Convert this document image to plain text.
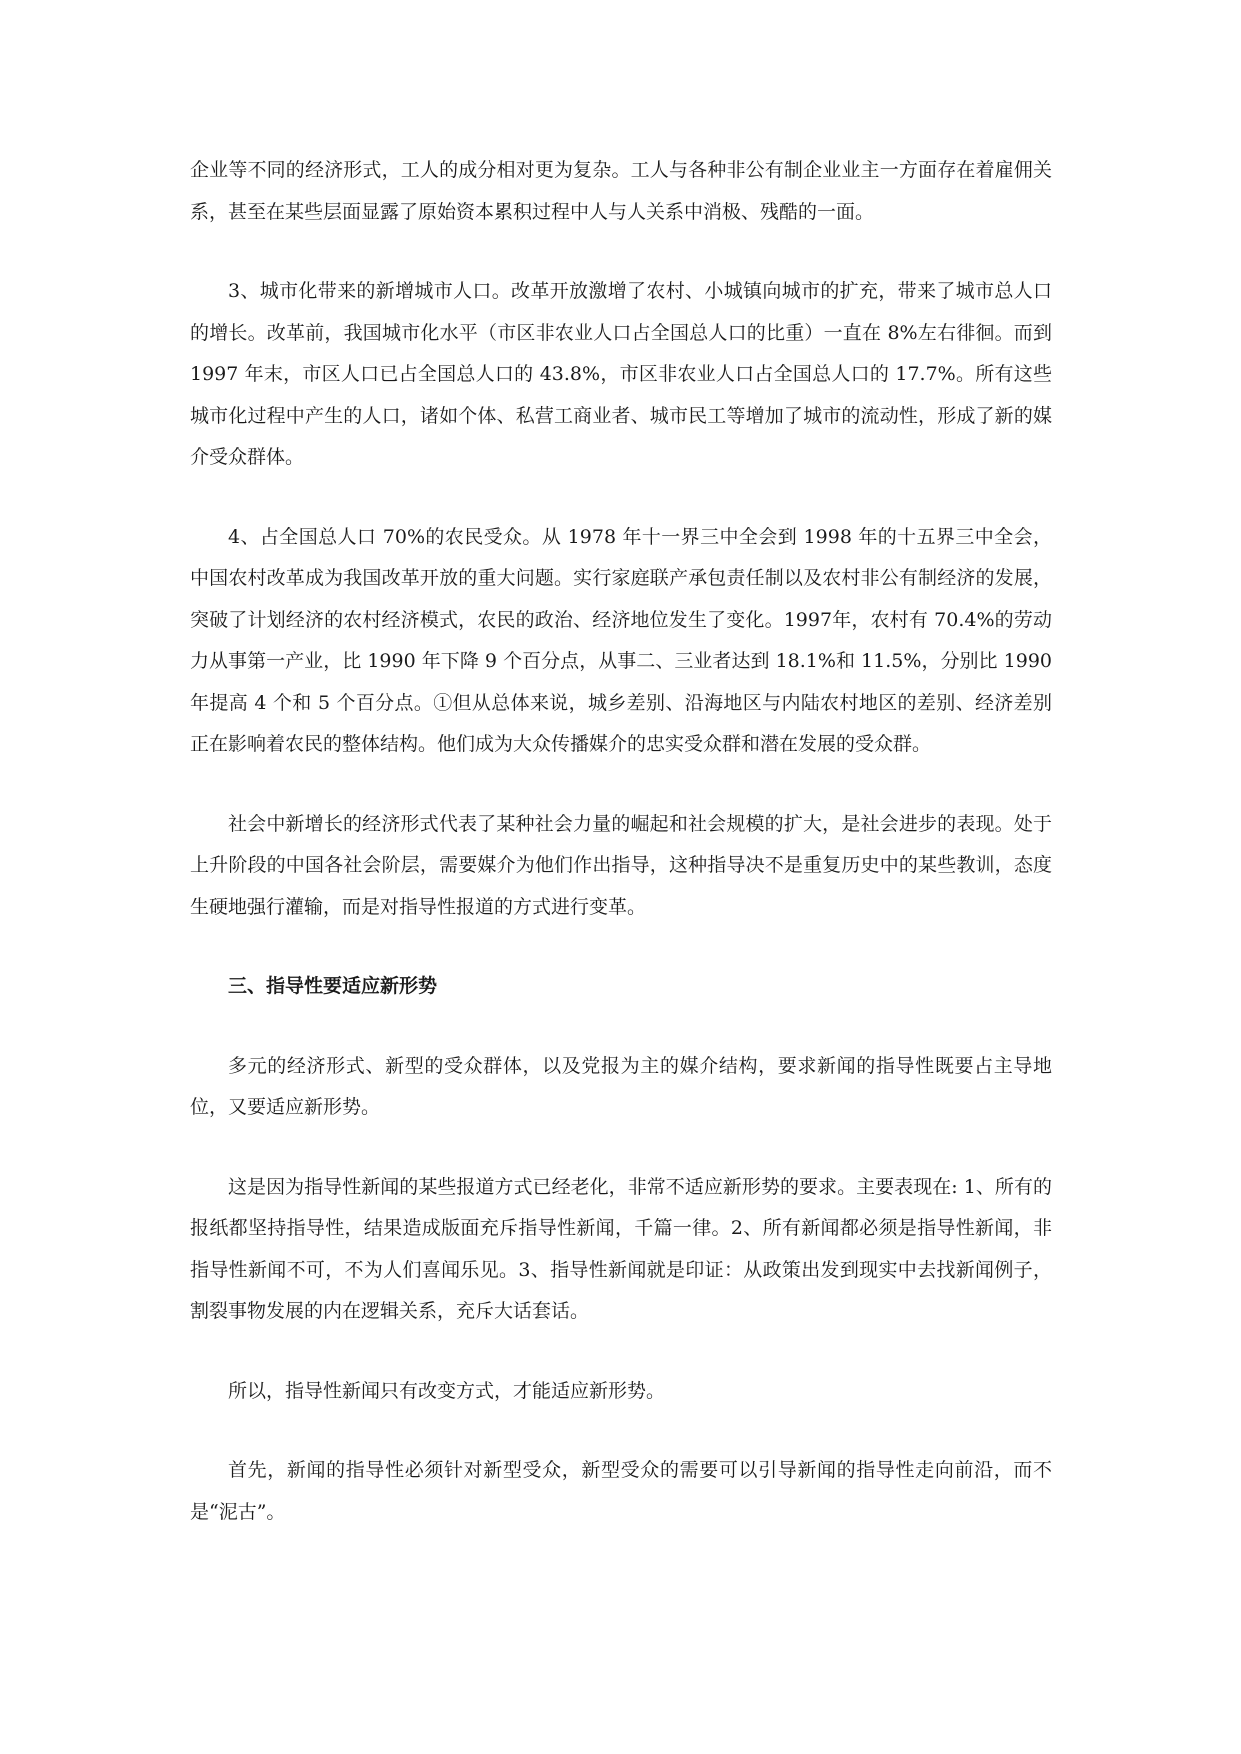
企业等不同的经济形式，工人的成分相对更为复杂。工人与各种非公有制企业业主一方面存在着雇佣关系，甚至在某些层面显露了原始资本累积过程中人与人关系中消极、残酷的一面。

3、城市化带来的新增城市人口。改革开放激增了农村、小城镇向城市的扩充，带来了城市总人口的增长。改革前，我国城市化水平（市区非农业人口占全国总人口的比重）一直在 8%左右徘徊。而到 1997 年末，市区人口已占全国总人口的 43.8%，市区非农业人口占全国总人口的 17.7%。所有这些城市化过程中产生的人口，诸如个体、私营工商业者、城市民工等增加了城市的流动性，形成了新的媒介受众群体。

4、占全国总人口 70%的农民受众。从 1978 年十一界三中全会到 1998 年的十五界三中全会，中国农村改革成为我国改革开放的重大问题。实行家庭联产承包责任制以及农村非公有制经济的发展，突破了计划经济的农村经济模式，农民的政治、经济地位发生了变化。1997年，农村有 70.4%的劳动力从事第一产业，比 1990 年下降 9 个百分点，从事二、三业者达到 18.1%和 11.5%，分别比 1990 年提高 4 个和 5 个百分点。①但从总体来说，城乡差别、沿海地区与内陆农村地区的差别、经济差别正在影响着农民的整体结构。他们成为大众传播媒介的忠实受众群和潜在发展的受众群。

社会中新增长的经济形式代表了某种社会力量的崛起和社会规模的扩大，是社会进步的表现。处于上升阶段的中国各社会阶层，需要媒介为他们作出指导，这种指导决不是重复历史中的某些教训，态度生硬地强行灌输，而是对指导性报道的方式进行变革。

三、指导性要适应新形势

多元的经济形式、新型的受众群体，以及党报为主的媒介结构，要求新闻的指导性既要占主导地位，又要适应新形势。

这是因为指导性新闻的某些报道方式已经老化，非常不适应新形势的要求。主要表现在: 1、所有的报纸都坚持指导性，结果造成版面充斥指导性新闻，千篇一律。2、所有新闻都必须是指导性新闻，非指导性新闻不可，不为人们喜闻乐见。3、指导性新闻就是印证：从政策出发到现实中去找新闻例子，割裂事物发展的内在逻辑关系，充斥大话套话。

所以，指导性新闻只有改变方式，才能适应新形势。

首先，新闻的指导性必须针对新型受众，新型受众的需要可以引导新闻的指导性走向前沿，而不是“泥古”。
